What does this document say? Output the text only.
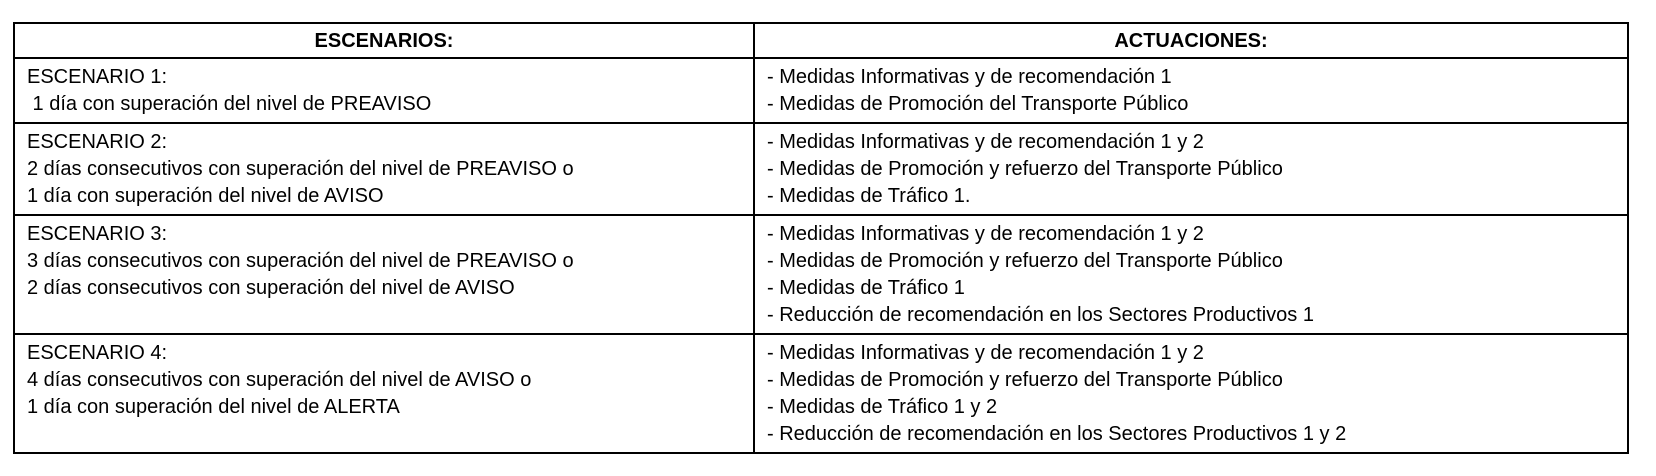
ESCENARIOS:	ACTUACIONES:

ESCENARIO 1:
1 día con superación del nivel de PREAVISO	- Medidas Informativas y de recomendación 1
- Medidas de Promoción del Transporte Público

ESCENARIO 2:
2 días consecutivos con superación del nivel de PREAVISO o
1 día con superación del nivel de AVISO	- Medidas Informativas y de recomendación 1 y 2
- Medidas de Promoción y refuerzo del Transporte Público
- Medidas de Tráfico 1.

ESCENARIO 3:
3 días consecutivos con superación del nivel de PREAVISO o
2 días consecutivos con superación del nivel de AVISO	- Medidas Informativas y de recomendación 1 y 2
- Medidas de Promoción y refuerzo del Transporte Público
- Medidas de Tráfico 1
- Reducción de recomendación en los Sectores Productivos 1

ESCENARIO 4:
4 días consecutivos con superación del nivel de AVISO o
1 día con superación del nivel de ALERTA	- Medidas Informativas y de recomendación 1 y 2
- Medidas de Promoción y refuerzo del Transporte Público
- Medidas de Tráfico 1 y 2
- Reducción de recomendación en los Sectores Productivos 1 y 2
